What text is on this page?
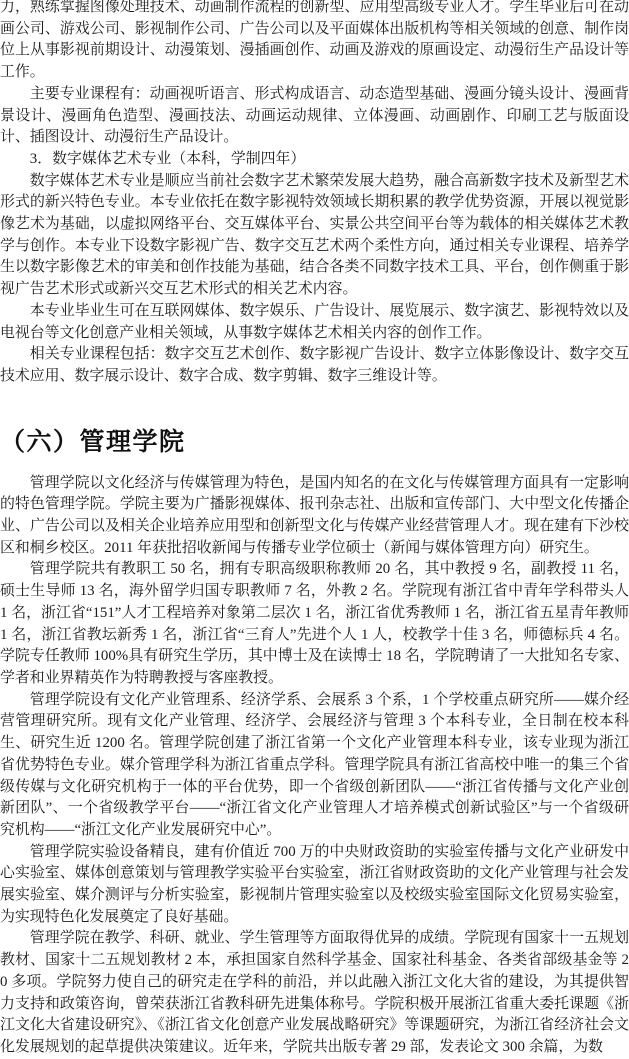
力，熟练掌握图像处理技术、动画制作流程的创新型、应用型高级专业人才。学生毕业后可在动画公司、游戏公司、影视制作公司、广告公司以及平面媒体出版机构等相关领域的创意、制作岗位上从事影视前期设计、动漫策划、漫插画创作、动画及游戏的原画设定、动漫衍生产品设计等工作。

主要专业课程有：动画视听语言、形式构成语言、动态造型基础、漫画分镜头设计、漫画背景设计、漫画角色造型、漫画技法、动画运动规律、立体漫画、动画剧作、印刷工艺与版面设计、插图设计、动漫衍生产品设计。

3．数字媒体艺术专业（本科，学制四年）

数字媒体艺术专业是顺应当前社会数字艺术繁荣发展大趋势，融合高新数字技术及新型艺术形式的新兴特色专业。本专业依托在数字影视特效领域长期积累的教学优势资源，开展以视觉影像艺术为基础，以虚拟网络平台、交互媒体平台、实景公共空间平台等为载体的相关媒体艺术教学与创作。本专业下设数字影视广告、数字交互艺术两个柔性方向，通过相关专业课程、培养学生以数字影像艺术的审美和创作技能为基础，结合各类不同数字技术工具、平台，创作侧重于影视广告艺术形式或新兴交互艺术形式的相关艺术内容。

本专业毕业生可在互联网媒体、数字娱乐、广告设计、展览展示、数字演艺、影视特效以及电视台等文化创意产业相关领域，从事数字媒体艺术相关内容的创作工作。

相关专业课程包括：数字交互艺术创作、数字影视广告设计、数字立体影像设计、数字交互技术应用、数字展示设计、数字合成、数字剪辑、数字三维设计等。

（六）管理学院

管理学院以文化经济与传媒管理为特色，是国内知名的在文化与传媒管理方面具有一定影响的特色管理学院。学院主要为广播影视媒体、报刊杂志社、出版和宣传部门、大中型文化传播企业、广告公司以及相关企业培养应用型和创新型文化与传媒产业经营管理人才。现在建有下沙校区和桐乡校区。2011 年获批招收新闻与传播专业学位硕士（新闻与媒体管理方向）研究生。

管理学院共有教职工 50 名，拥有专职高级职称教师 20 名，其中教授 9 名，副教授 11 名，硕士生导师 13 名，海外留学归国专职教师 7 名，外教 2 名。学院现有浙江省中青年学科带头人 1 名，浙江省“151”人才工程培养对象第二层次 1 名，浙江省优秀教师 1 名，浙江省五星青年教师 1 名，浙江省教坛新秀 1 名，浙江省“三育人”先进个人 1 人，校教学十佳 3 名，师德标兵 4 名。学院专任教师 100%具有研究生学历，其中博士及在读博士 18 名，学院聘请了一大批知名专家、学者和业界精英作为特聘教授与客座教授。

管理学院设有文化产业管理系、经济学系、会展系 3 个系，1 个学校重点研究所——媒介经营管理研究所。现有文化产业管理、经济学、会展经济与管理 3 个本科专业，全日制在校本科生、研究生近 1200 名。管理学院创建了浙江省第一个文化产业管理本科专业，该专业现为浙江省优势特色专业。媒介管理学科为浙江省重点学科。管理学院具有浙江省高校中唯一的集三个省级传媒与文化研究机构于一体的平台优势，即一个省级创新团队——“浙江省传播与文化产业创新团队”、一个省级教学平台——“浙江省文化产业管理人才培养模式创新试验区”与一个省级研究机构——“浙江文化产业发展研究中心”。

管理学院实验设备精良，建有价值近 700 万的中央财政资助的实验室传播与文化产业研发中心实验室、媒体创意策划与管理教学实验平台实验室，浙江省财政资助的文化产业管理与社会发展实验室、媒介测评与分析实验室，影视制片管理实验室以及校级实验室国际文化贸易实验室，为实现特色化发展奠定了良好基础。

管理学院在教学、科研、就业、学生管理等方面取得优异的成绩。学院现有国家十一五规划教材、国家十二五规划教材 2 本，承担国家自然科学基金、国家社科基金、各类省部级基金等 20 多项。学院努力使自己的研究走在学科的前沿，并以此融入浙江文化大省的建设，为其提供智力支持和政策咨询，曾荣获浙江省教科研先进集体称号。学院积极开展浙江省重大委托课题《浙江文化大省建设研究》、《浙江省文化创意产业发展战略研究》等课题研究，为浙江省经济社会文化发展规划的起草提供决策建议。近年来，学院共出版专著 29 部，发表论文 300 余篇，为数
